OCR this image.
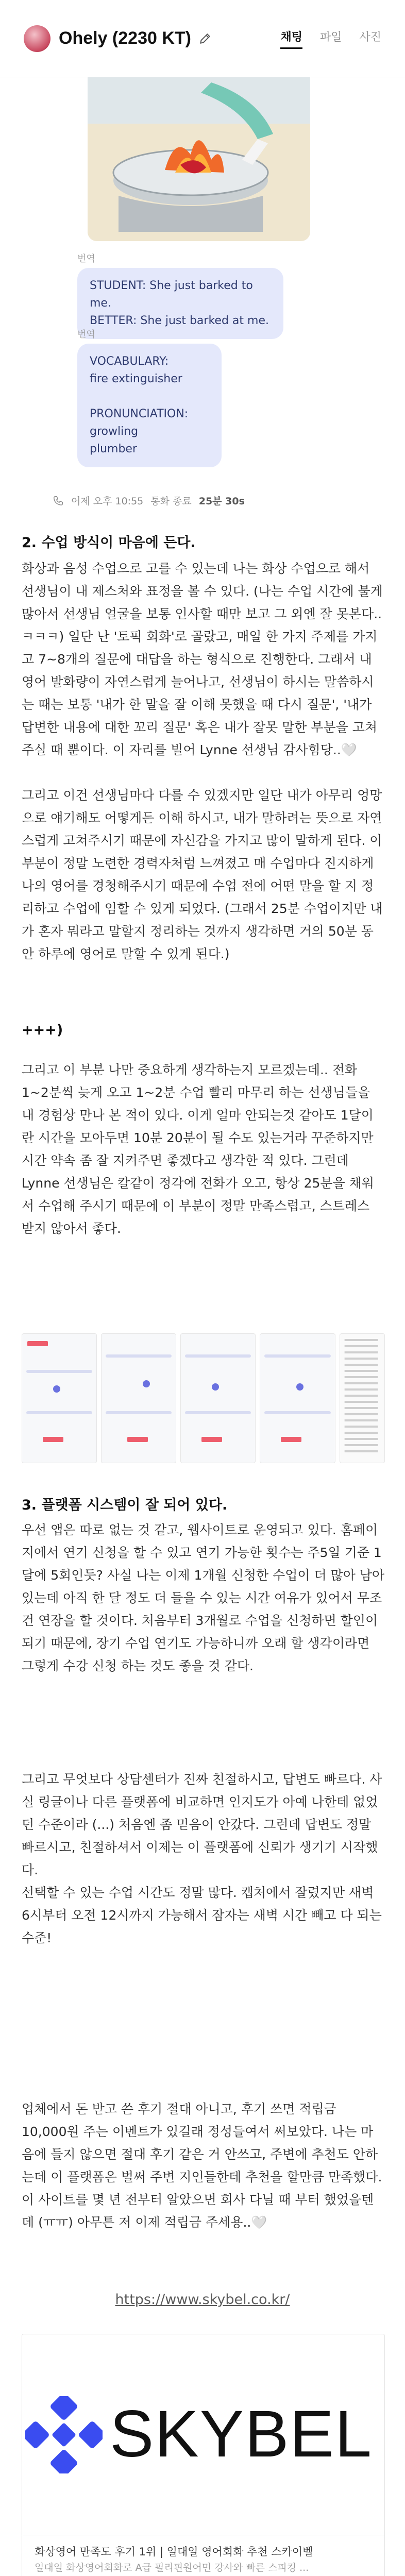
Ohely (2230 KT)	채팅 파일 사진
번역
STUDENT: She just barked to me.
BETTER: She just barked at me.
번역
VOCABULARY:
fire extinguisher

PRONUNCIATION:
growling
plumber
어제 오후 10:55 통화 종료 25분 30s
2. 수업 방식이 마음에 든다.
화상과 음성 수업으로 고를 수 있는데 나는 화상 수업으로 해서 선생님이 내 제스처와 표정을 볼 수 있다. (나는 수업 시간에 불게 많아서 선생님 얼굴을 보통 인사할 때만 보고 그 외엔 잘 못본다..ㅋㅋㅋ) 일단 난 '토픽 회화'로 골랐고, 매일 한 가지 주제를 가지고 7~8개의 질문에 대답을 하는 형식으로 진행한다. 그래서 내 영어 발화량이 자연스럽게 늘어나고, 선생님이 하시는 말씀하시는 때는 보통 '내가 한 말을 잘 이해 못했을 때 다시 질문', '내가 답변한 내용에 대한 꼬리 질문' 혹은 내가 잘못 말한 부분을 고쳐 주실 때 뿐이다. 이 자리를 빌어 Lynne 선생님 감사힘당..🤍
그리고 이건 선생님마다 다를 수 있겠지만 일단 내가 아무리 엉망으로 얘기해도 어떻게든 이해 하시고, 내가 말하려는 뜻으로 자연스럽게 고쳐주시기 때문에 자신감을 가지고 많이 말하게 된다. 이 부분이 정말 노련한 경력자처럼 느껴졌고 매 수업마다 진지하게 나의 영어를 경청해주시기 때문에 수업 전에 어떤 말을 할 지 정리하고 수업에 임할 수 있게 되었다. (그래서 25분 수업이지만 내가 혼자 뭐라고 말할지 정리하는 것까지 생각하면 거의 50분 동안 하루에 영어로 말할 수 있게 된다.)
+++)
그리고 이 부분 나만 중요하게 생각하는지 모르겠는데.. 전화 1~2분씩 늦게 오고 1~2분 수업 빨리 마무리 하는 선생님들을 내 경험상 만나 본 적이 있다. 이게 얼마 안되는것 같아도 1달이란 시간을 모아두면 10분 20분이 될 수도 있는거라 꾸준하지만 시간 약속 좀 잘 지켜주면 좋겠다고 생각한 적 있다. 그런데 Lynne 선생님은 칼같이 정각에 전화가 오고, 항상 25분을 채워서 수업해 주시기 때문에 이 부분이 정말 만족스럽고, 스트레스 받지 않아서 좋다.
3. 플랫폼 시스템이 잘 되어 있다.
우선 앱은 따로 없는 것 같고, 웹사이트로 운영되고 있다. 홈페이지에서 연기 신청을 할 수 있고 연기 가능한 횟수는 주5일 기준 1달에 5회인듯? 사실 나는 이제 1개월 신청한 수업이 더 많아 남아 있는데 아직 한 달 정도 더 들을 수 있는 시간 여유가 있어서 무조건 연장을 할 것이다. 처음부터 3개월로 수업을 신청하면 할인이 되기 때문에, 장기 수업 연기도 가능하니까 오래 할 생각이라면 그렇게 수강 신청 하는 것도 좋을 것 같다.
그리고 무엇보다 상담센터가 진짜 친절하시고, 답변도 빠르다. 사실 링글이나 다른 플랫폼에 비교하면 인지도가 아예 나한테 없었던 수준이라 (...) 처음엔 좀 믿음이 안갔다. 그런데 답변도 정말 빠르시고, 친절하셔서 이제는 이 플랫폼에 신뢰가 생기기 시작했다.
선택할 수 있는 수업 시간도 정말 많다. 캡처에서 잘렸지만 새벽 6시부터 오전 12시까지 가능해서 잠자는 새벽 시간 빼고 다 되는 수준!
업체에서 돈 받고 쓴 후기 절대 아니고, 후기 쓰면 적립금 10,000원 주는 이벤트가 있길래 정성들여서 써보았다. 나는 마음에 들지 않으면 절대 후기 같은 거 안쓰고, 주변에 추천도 안하는데 이 플랫폼은 벌써 주변 지인들한테 추천을 할만큼 만족했다. 이 사이트를 몇 년 전부터 알았으면 회사 다닐 때 부터 했었을텐데 (ㅠㅠ) 아무튼 저 이제 적립금 주세용..🤍
https://www.skybel.co.kr/
SKYBEL
화상영어 만족도 후기 1위 | 일대일 영어회화 추천 스카이벨
일대일 화상영어회화로 A급 필리핀원어민 강사와 빠른 스피킹 ...
